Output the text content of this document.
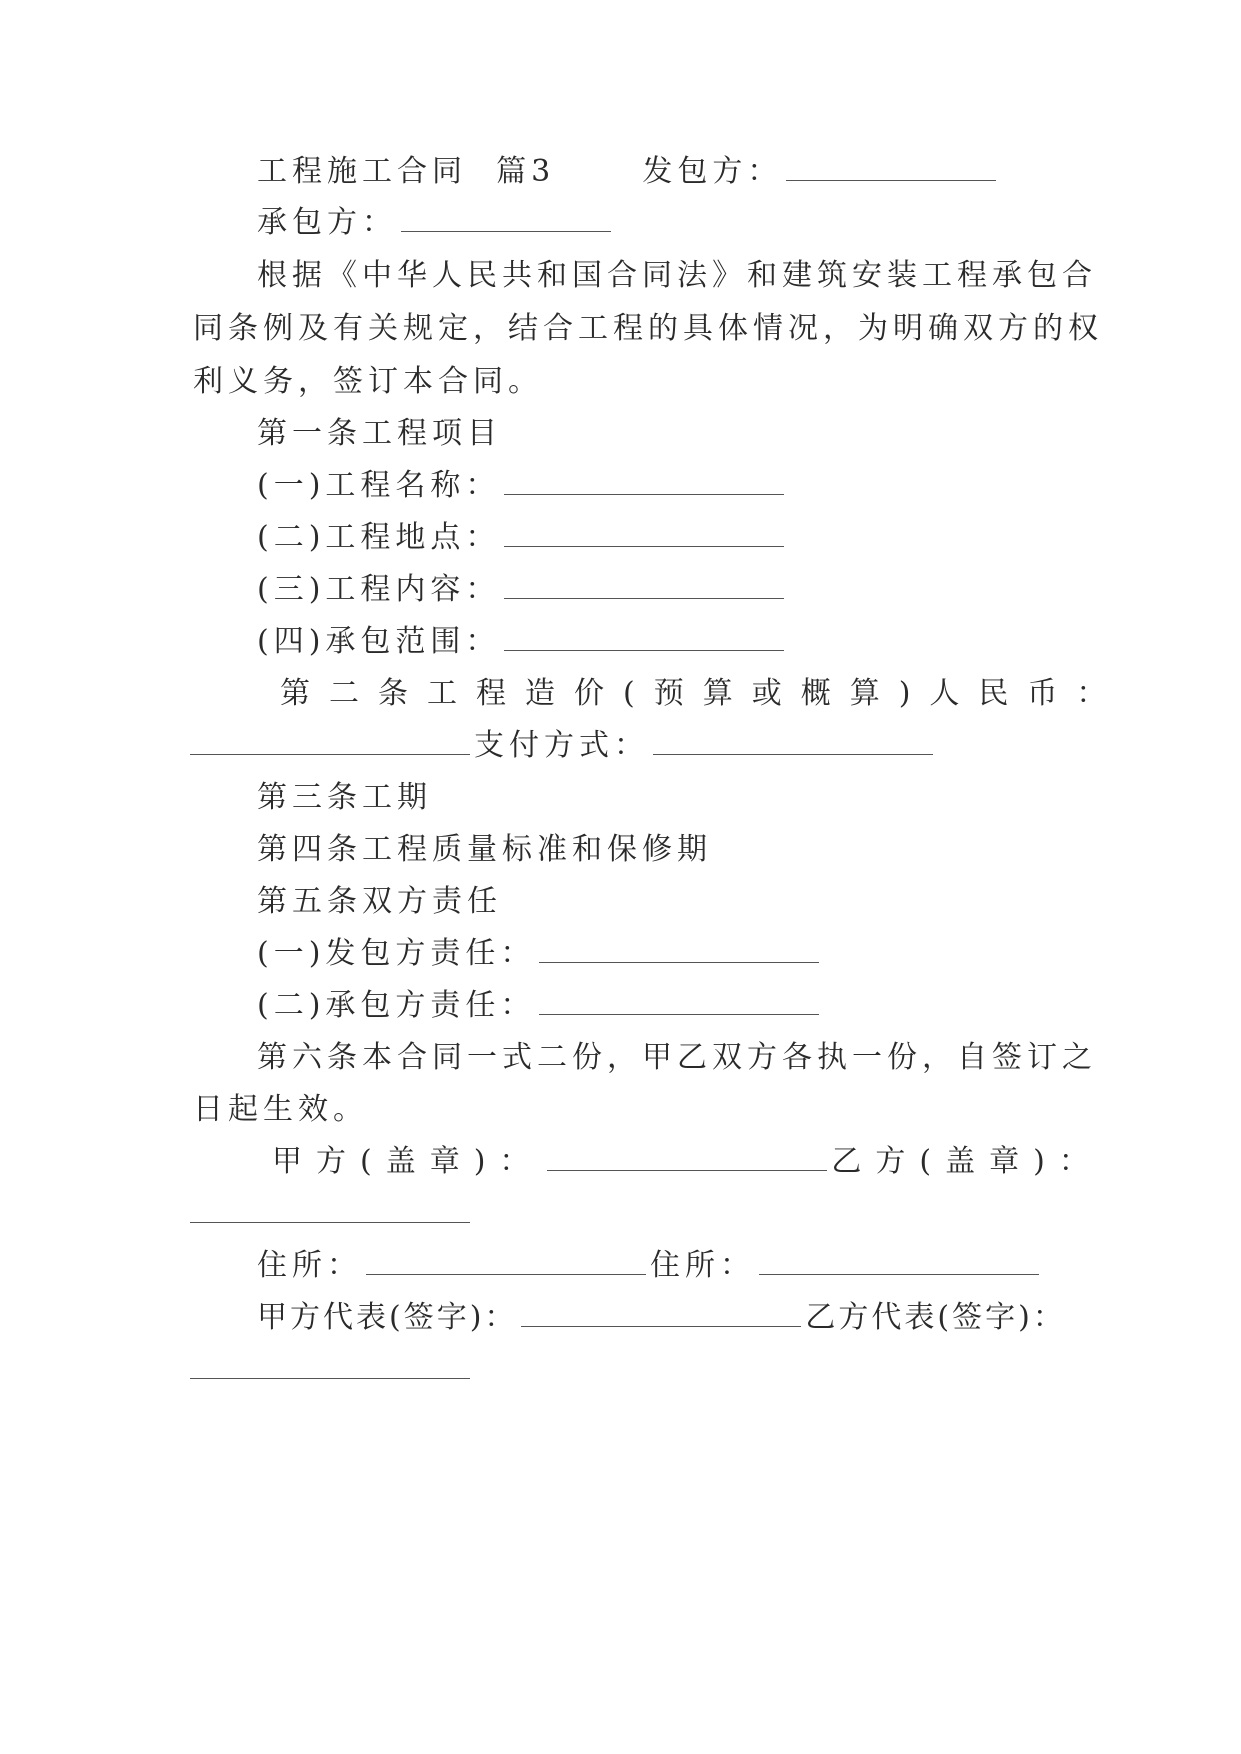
工程施工合同  篇3	发包方：
承包方：
根据《中华人民共和国合同法》和建筑安装工程承包合
同条例及有关规定，结合工程的具体情况，为明确双方的权
利义务，签订本合同。
第一条工程项目
(一)工程名称：
(二)工程地点：
(三)工程内容：
(四)承包范围：
第二条工程造价(预算或概算)人民币：
支付方式：
第三条工期
第四条工程质量标准和保修期
第五条双方责任
(一)发包方责任：
(二)承包方责任：
第六条本合同一式二份，甲乙双方各执一份，自签订之
日起生效。
甲方(盖章)：	乙方(盖章)：
住所：	住所：
甲方代表(签字)：	乙方代表(签字)：
